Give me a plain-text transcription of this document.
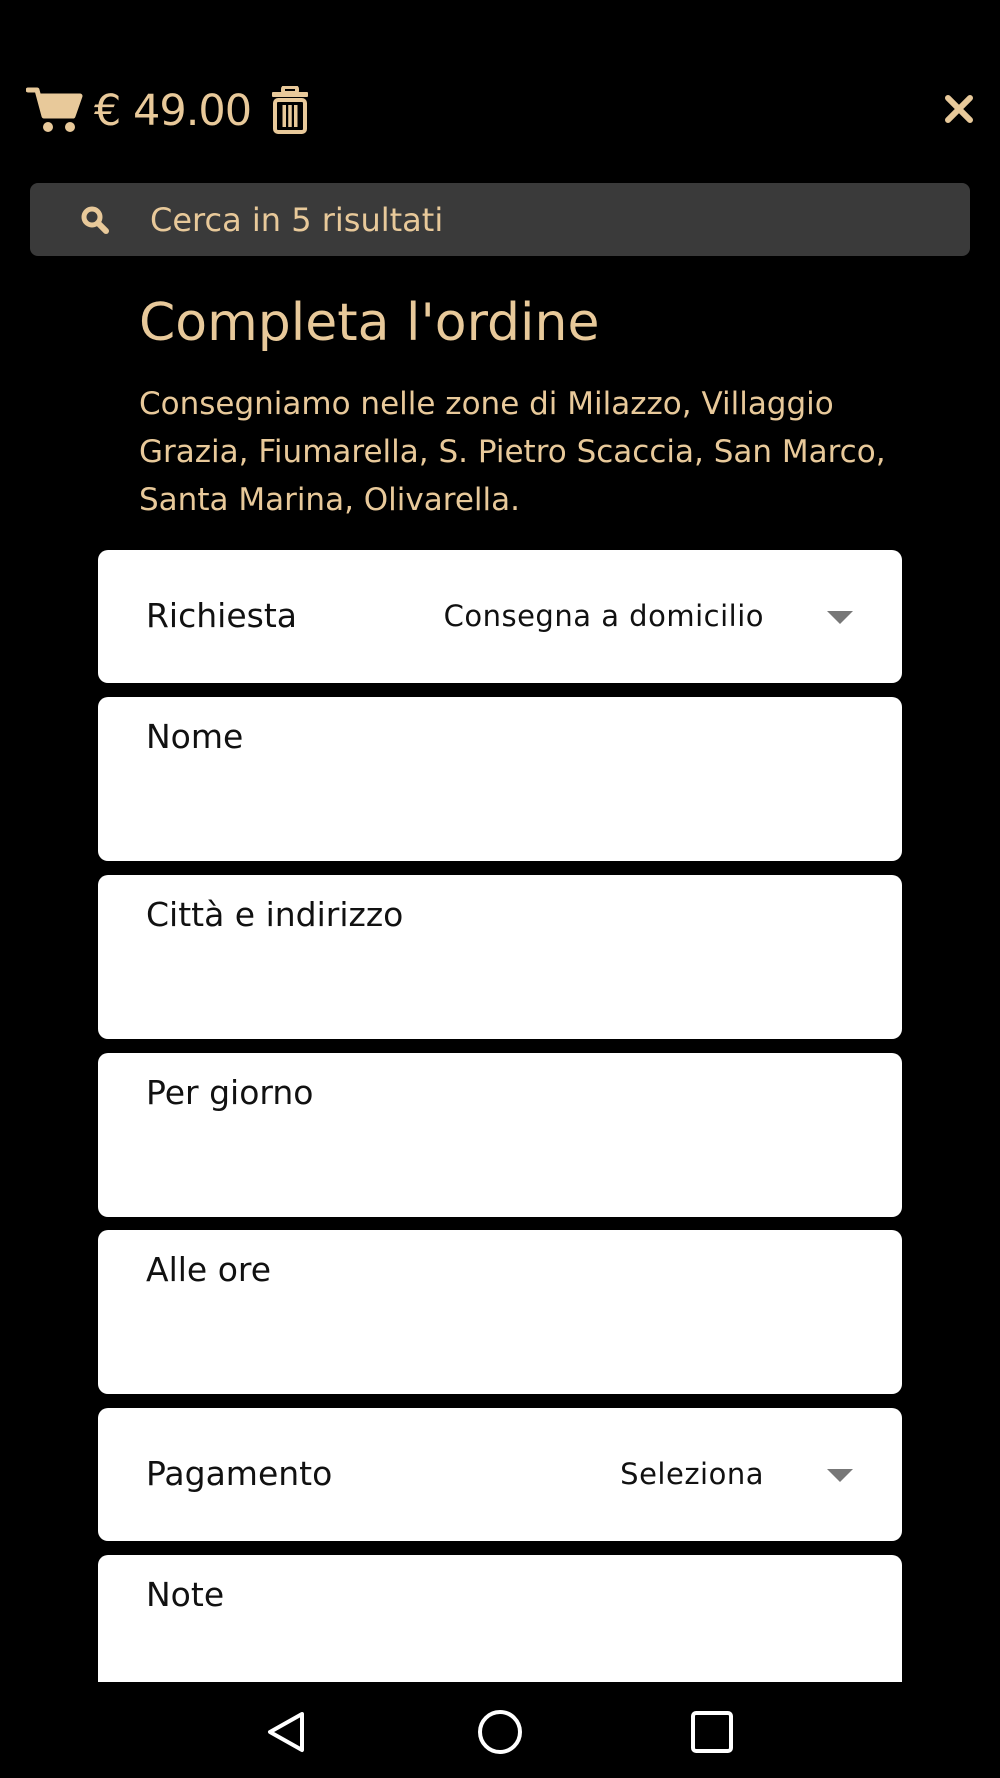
€ 49.00
Cerca in 5 risultati
Completa l'ordine

Consegniamo nelle zone di Milazzo, Villaggio Grazia, Fiumarella, S. Pietro Scaccia, San Marco, Santa Marina, Olivarella.

Richiesta	Consegna a domicilio
Nome
Città e indirizzo
Per giorno
Alle ore
Pagamento	Seleziona
Note
